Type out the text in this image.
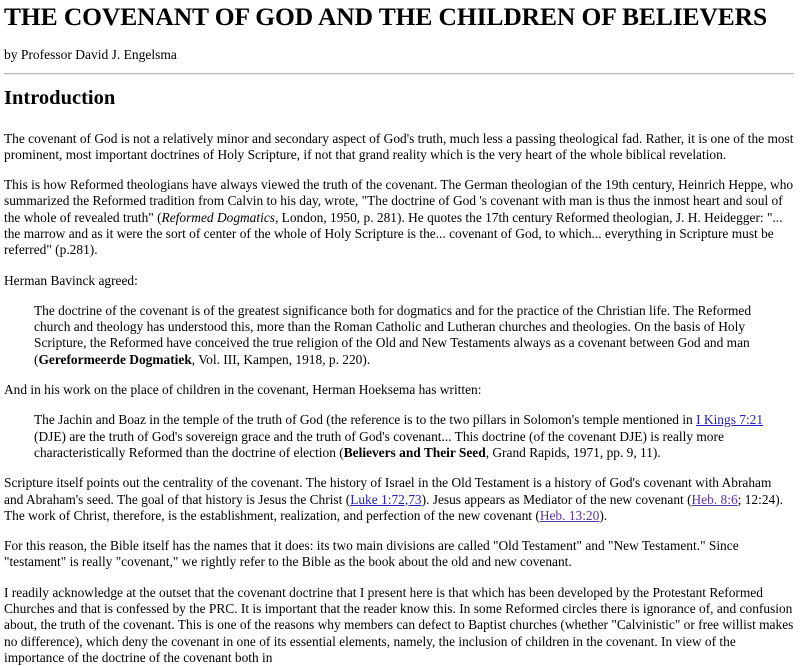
THE COVENANT OF GOD AND THE CHILDREN OF BELIEVERS

by Professor David J. Engelsma

Introduction

The covenant of God is not a relatively minor and secondary aspect of God's truth, much less a passing theological fad. Rather, it is one of the most prominent, most important doctrines of Holy Scripture, if not that grand reality which is the very heart of the whole biblical revelation.

This is how Reformed theologians have always viewed the truth of the covenant. The German theologian of the 19th century, Heinrich Heppe, who summarized the Reformed tradition from Calvin to his day, wrote, "The doctrine of God 's covenant with man is thus the inmost heart and soul of the whole of revealed truth" (Reformed Dogmatics, London, 1950, p. 281). He quotes the 17th century Reformed theologian, J. H. Heidegger: "... the marrow and as it were the sort of center of the whole of Holy Scripture is the... covenant of God, to which... everything in Scripture must be referred" (p.281).

Herman Bavinck agreed:

The doctrine of the covenant is of the greatest significance both for dogmatics and for the practice of the Christian life. The Reformed church and theology has understood this, more than the Roman Catholic and Lutheran churches and theologies. On the basis of Holy Scripture, the Reformed have conceived the true religion of the Old and New Testaments always as a covenant between God and man (Gereformeerde Dogmatiek, Vol. III, Kampen, 1918, p. 220).

And in his work on the place of children in the covenant, Herman Hoeksema has written:

The Jachin and Boaz in the temple of the truth of God (the reference is to the two pillars in Solomon's temple mentioned in I Kings 7:21 (DJE) are the truth of God's sovereign grace and the truth of God's covenant... This doctrine (of the covenant DJE) is really more characteristically Reformed than the doctrine of election (Believers and Their Seed, Grand Rapids, 1971, pp. 9, 11).

Scripture itself points out the centrality of the covenant. The history of Israel in the Old Testament is a history of God's covenant with Abraham and Abraham's seed. The goal of that history is Jesus the Christ (Luke 1:72,73). Jesus appears as Mediator of the new covenant (Heb. 8:6; 12:24). The work of Christ, therefore, is the establishment, realization, and perfection of the new covenant (Heb. 13:20).

For this reason, the Bible itself has the names that it does: its two main divisions are called "Old Testament" and "New Testament." Since "testament" is really "covenant," we rightly refer to the Bible as the book about the old and new covenant.

I readily acknowledge at the outset that the covenant doctrine that I present here is that which has been developed by the Protestant Reformed Churches and that is confessed by the PRC. It is important that the reader know this. In some Reformed circles there is ignorance of, and confusion about, the truth of the covenant. This is one of the reasons why members can defect to Baptist churches (whether "Calvinistic" or free willist makes no difference), which deny the covenant in one of its essential elements, namely, the inclusion of children in the covenant. In view of the importance of the doctrine of the covenant both in
